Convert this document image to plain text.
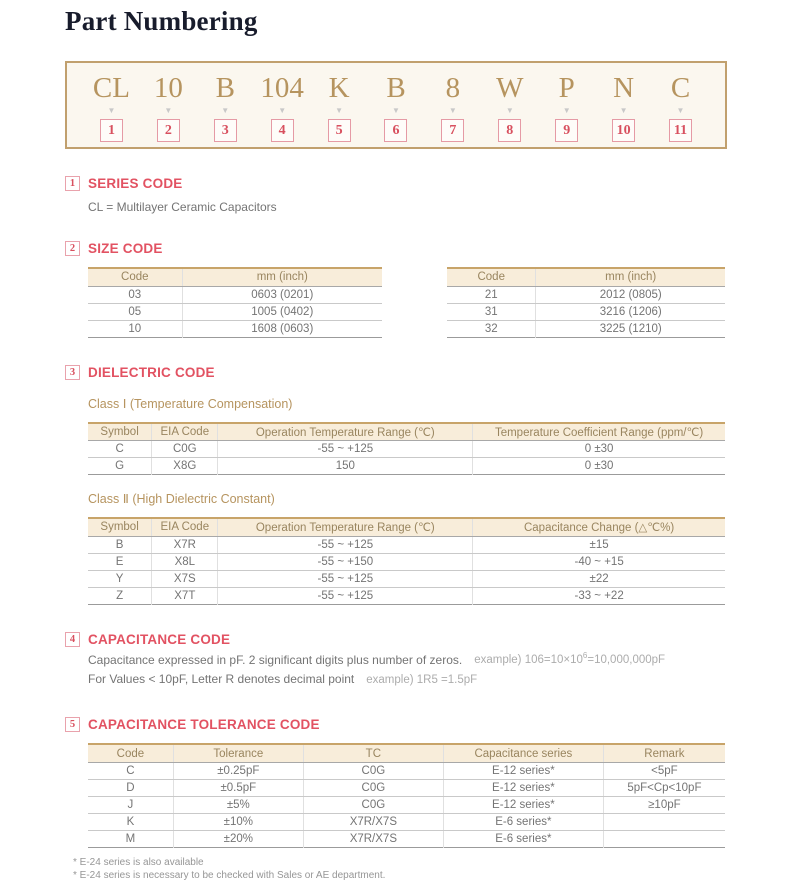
Part Numbering
CL
▼
1
10
▼
2
B
▼
3
104
▼
4
K
▼
5
B
▼
6
8
▼
7
W
▼
8
P
▼
9
N
▼
10
C
▼
11
1 SERIES CODE
CL = Multilayer Ceramic Capacitors
2 SIZE CODE
Code	mm (inch)
03	0603 (0201)
05	1005 (0402)
10	1608 (0603)
Code	mm (inch)
21	2012 (0805)
31	3216 (1206)
32	3225 (1210)
3 DIELECTRIC CODE
Class Ⅰ (Temperature Compensation)
Symbol	EIA Code	Operation Temperature Range (℃)	Temperature Coefficient Range (ppm/℃)
C	C0G	-55 ~ +125	0 ±30
G	X8G	150	0 ±30
Class Ⅱ (High Dielectric Constant)
Symbol	EIA Code	Operation Temperature Range (℃)	Capacitance Change (△℃%)
B	X7R	-55 ~ +125	±15
E	X8L	-55 ~ +150	-40 ~ +15
Y	X7S	-55 ~ +125	±22
Z	X7T	-55 ~ +125	-33 ~ +22
4 CAPACITANCE CODE
Capacitance expressed in pF. 2 significant digits plus number of zeros. example) $106=10\times 10^6=10,000,000pF$
For Values < 10pF, Letter R denotes decimal point example) 1R5 =1.5pF
5 CAPACITANCE TOLERANCE CODE
Code	Tolerance	TC	Capacitance series	Remark
C	±0.25pF	C0G	E-12 series*	<5pF
D	±0.5pF	C0G	E-12 series*	5pF<Cp<10pF
J	±5%	C0G	E-12 series*	≥10pF
K	±10%	X7R/X7S	E-6 series*	
M	±20%	X7R/X7S	E-6 series*	
* E-24 series is also available
* E-24 series is necessary to be checked with Sales or AE department.
